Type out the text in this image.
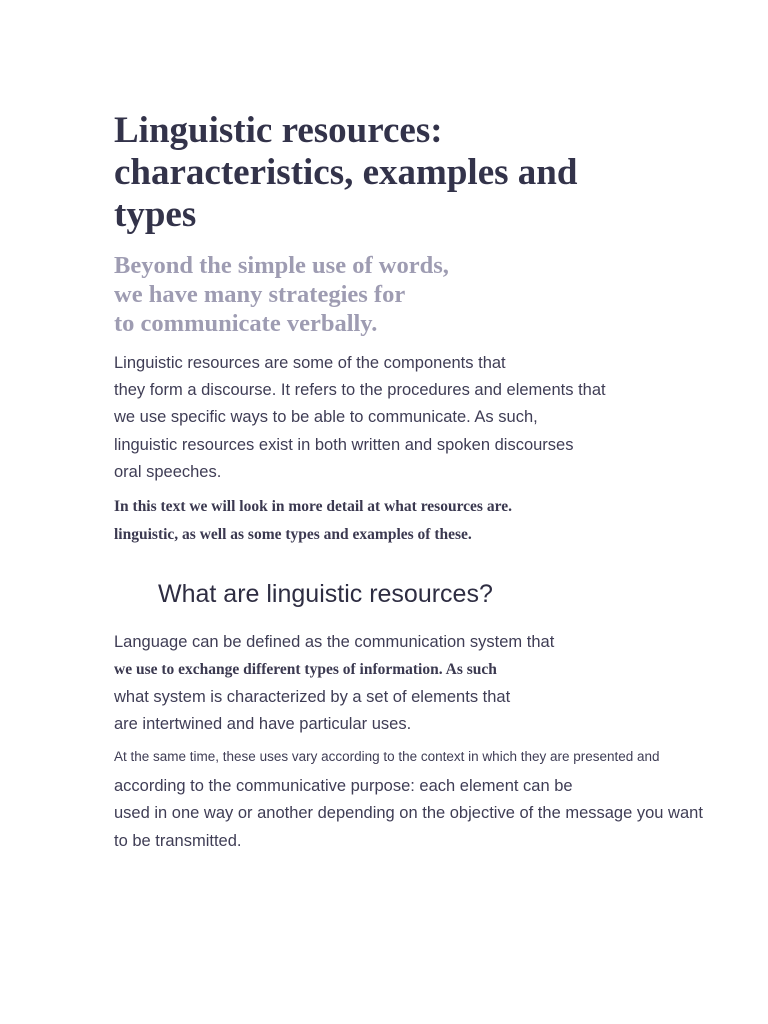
Linguistic resources:
characteristics, examples and
types
Beyond the simple use of words,
we have many strategies for
to communicate verbally.

Linguistic resources are some of the components that

they form a discourse. It refers to the procedures and elements that

we use specific ways to be able to communicate. As such,

linguistic resources exist in both written and spoken discourses

oral speeches.

In this text we will look in more detail at what resources are.

linguistic, as well as some types and examples of these.

What are linguistic resources?

Language can be defined as the communication system that

we use to exchange different types of information. As such

what system is characterized by a set of elements that

are intertwined and have particular uses.

At the same time, these uses vary according to the context in which they are presented and

according to the communicative purpose: each element can be

used in one way or another depending on the objective of the message you want

to be transmitted.
